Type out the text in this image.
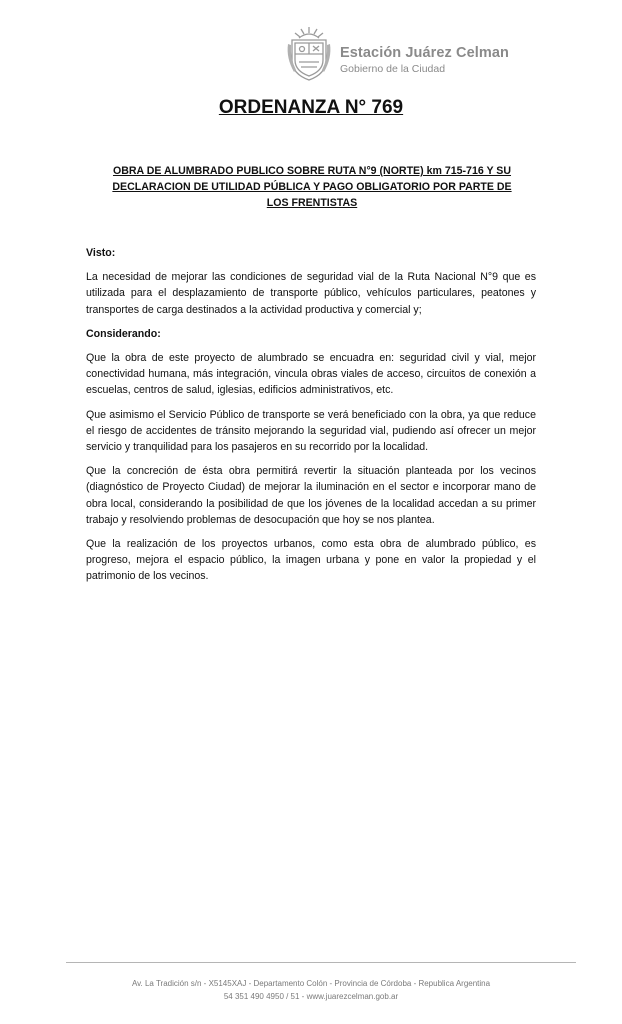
Estación Juárez Celman
Gobierno de la Ciudad
ORDENANZA N° 769
OBRA DE ALUMBRADO PUBLICO SOBRE RUTA N°9 (NORTE) km 715-716 Y SU DECLARACION DE UTILIDAD PÚBLICA Y PAGO OBLIGATORIO POR PARTE DE LOS FRENTISTAS

Visto:

La necesidad de mejorar las condiciones de seguridad vial de la Ruta Nacional N°9 que es utilizada para el desplazamiento de transporte público, vehículos particulares, peatones y transportes de carga destinados a la actividad productiva y comercial y;

Considerando:

Que la obra de este proyecto de alumbrado se encuadra en: seguridad civil y vial, mejor conectividad humana, más integración, vincula obras viales de acceso, circuitos de conexión a escuelas, centros de salud, iglesias, edificios administrativos, etc.

Que asimismo el Servicio Público de transporte se verá beneficiado con la obra, ya que reduce el riesgo de accidentes de tránsito mejorando la seguridad vial, pudiendo así ofrecer un mejor servicio y tranquilidad para los pasajeros en su recorrido por la localidad.

Que la concreción de ésta obra permitirá revertir la situación planteada por los vecinos (diagnóstico de Proyecto Ciudad) de mejorar la iluminación en el sector e incorporar mano de obra local, considerando la posibilidad de que los jóvenes de la localidad accedan a su primer trabajo y resolviendo problemas de desocupación que hoy se nos plantea.

Que la realización de los proyectos urbanos, como esta obra de alumbrado público, es progreso, mejora el espacio público, la imagen urbana y pone en valor la propiedad y el patrimonio de los vecinos.

Av. La Tradición s/n - X5145XAJ - Departamento Colón - Provincia de Córdoba - Republica Argentina
54 351 490 4950 / 51 - www.juarezcelman.gob.ar
